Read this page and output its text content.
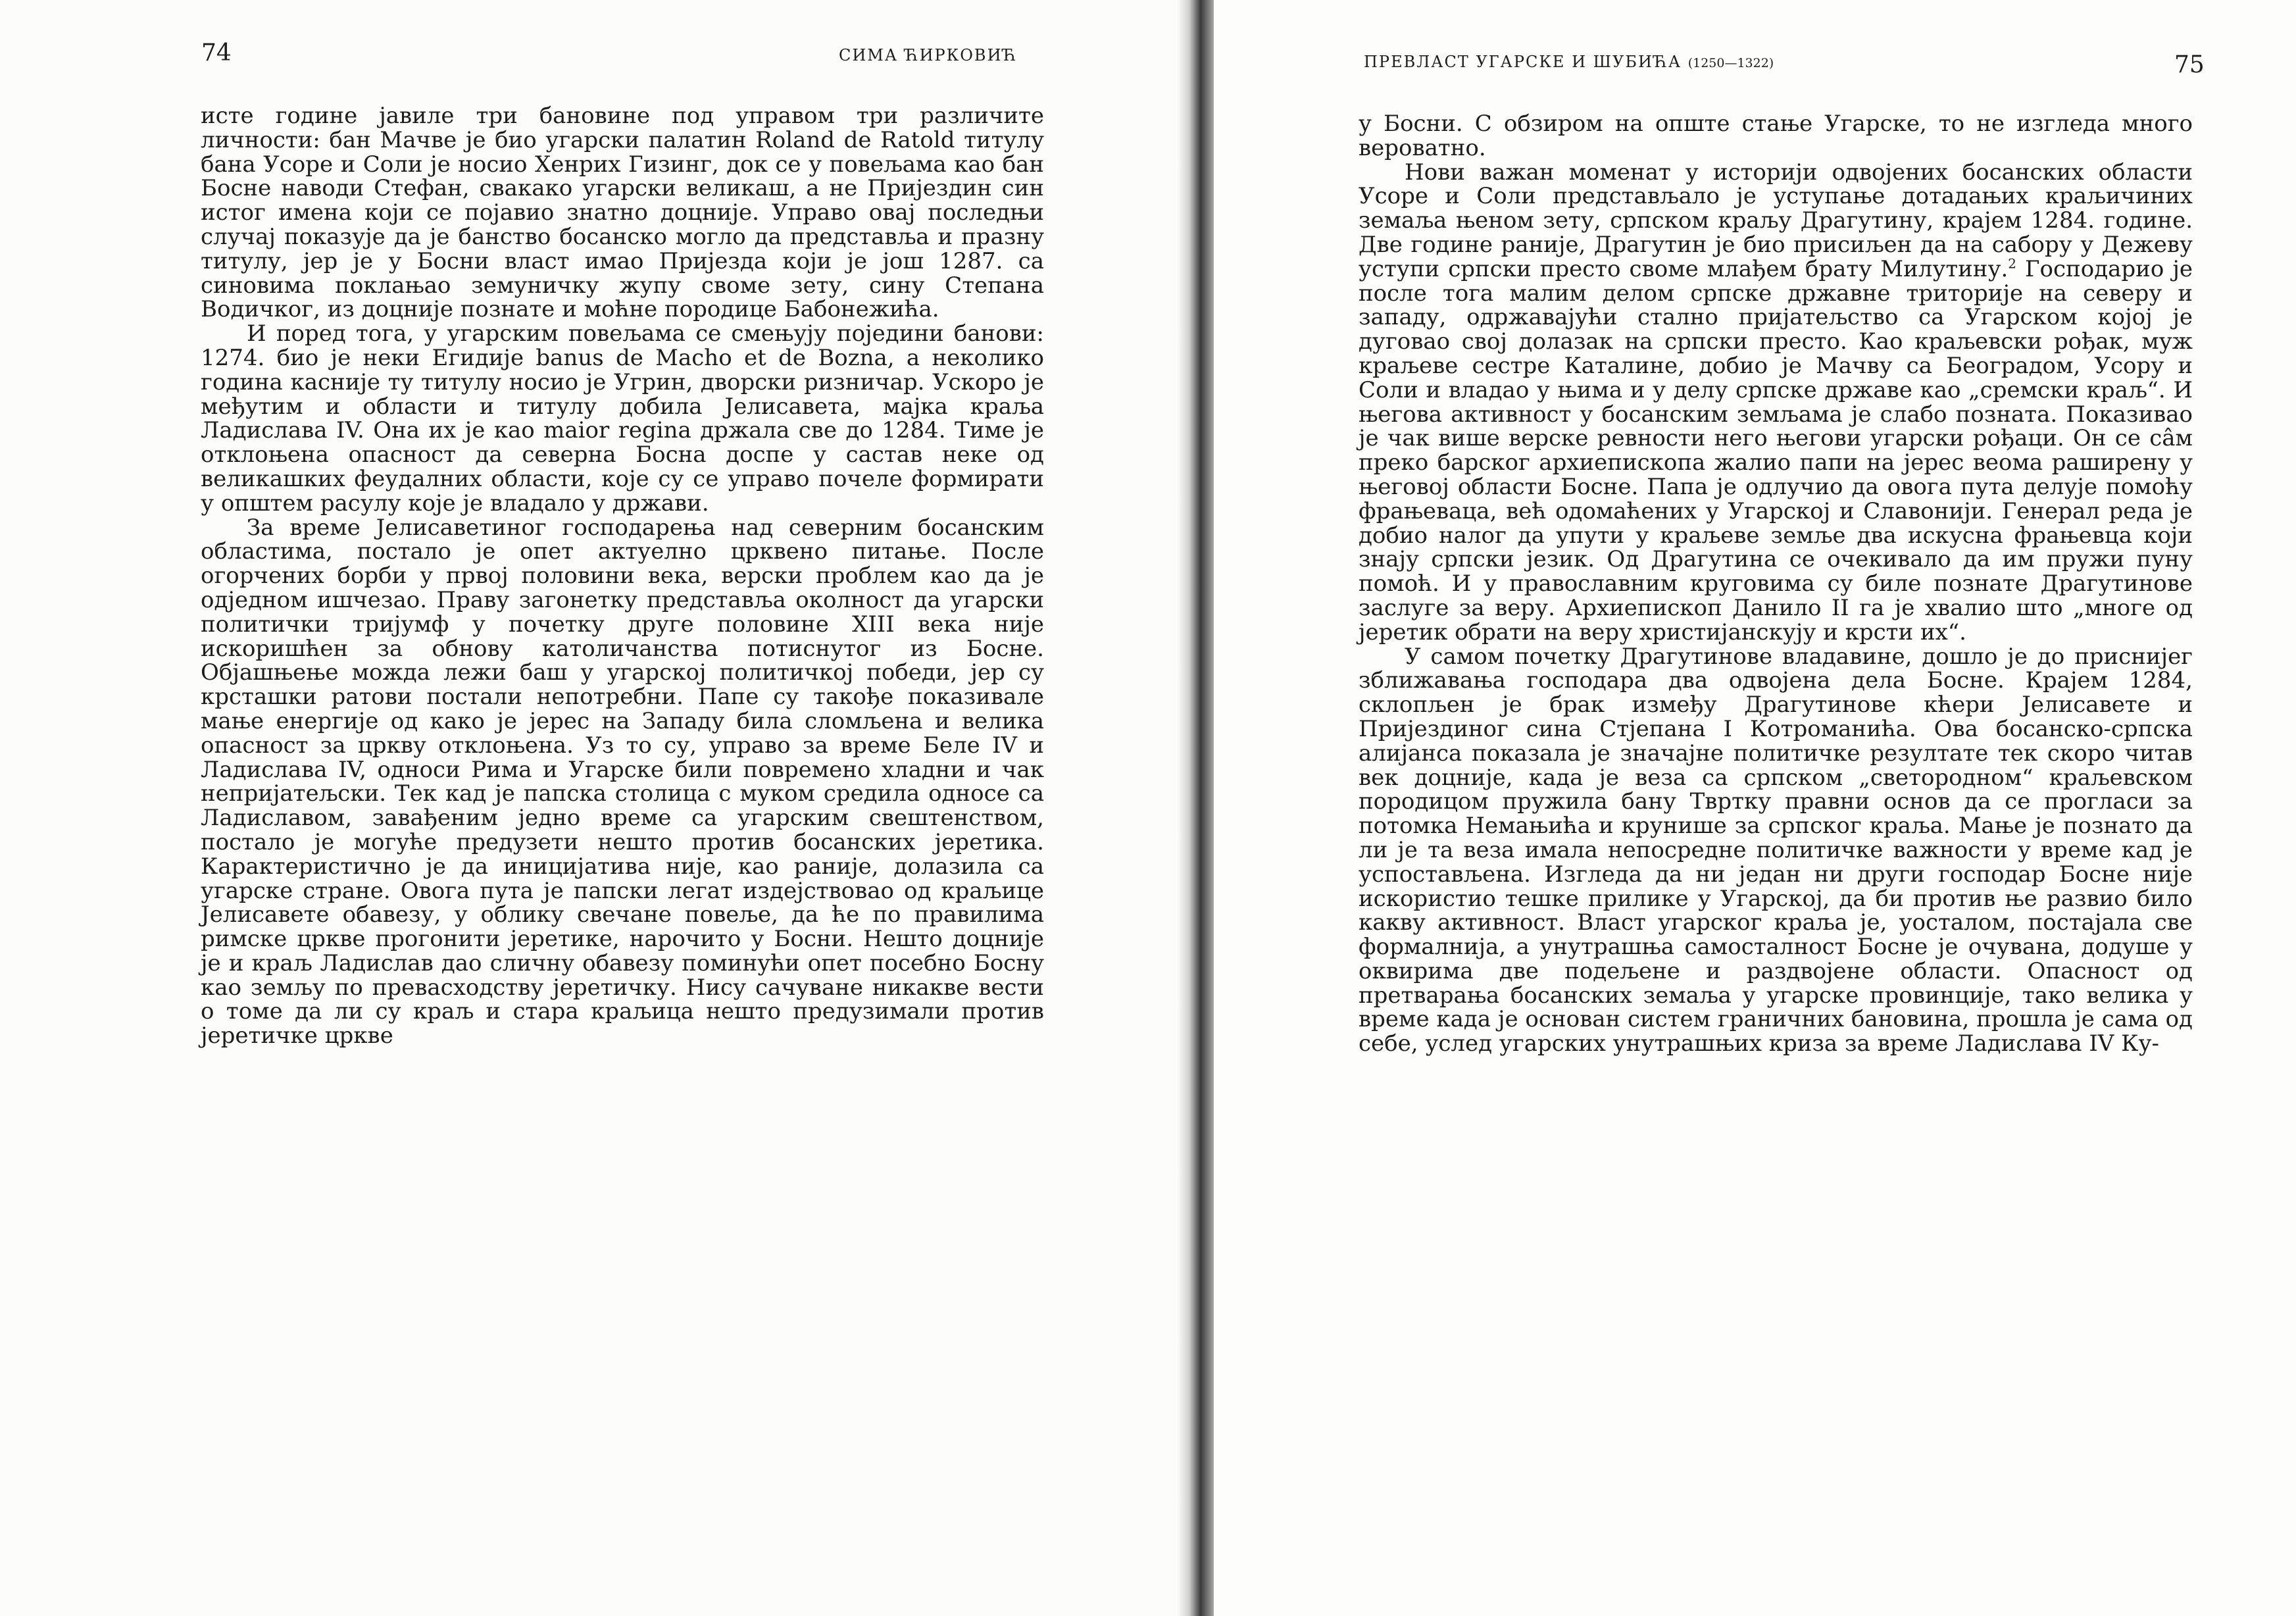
74	СИМА ЋИРКОВИЋ

исте године јавиле три бановине под управом три различите личности: бан Мачве је био угарски палатин Roland de Ratold титулу бана Усоре и Соли је носио Хенрих Гизинг, док се у повељама као бан Босне наводи Стефан, свакако угарски великаш, а не Пријездин син истог имена који се појавио знатно доцније. Управо овај последњи случај показује да је банство босанско могло да представља и празну титулу, јер је у Босни власт имао Пријезда који је још 1287. са синовима поклањао земуничку жупу своме зету, сину Степана Водичког, из доцније познате и моћне породице Бабонежића.

И поред тога, у угарским повељама се смењују поједини банови: 1274. био је неки Егидије banus de Macho et de Bozna, а неколико година касније ту титулу носио је Угрин, дворски ризничар. Ускоро је међутим и области и титулу добила Јелисавета, мајка краља Ладислава IV. Она их је као maior regina држала све до 1284. Тиме је отклоњена опасност да северна Босна доспе у састав неке од великашких феудалних области, које су се управо почеле формирати у општем расулу које је владало у држави.

За време Јелисаветиног господарења над северним босанским областима, постало је опет актуелно црквено питање. После огорчених борби у првој половини века, верски проблем као да је одједном ишчезао. Праву загонетку представља околност да угарски политички тријумф у почетку друге половине XIII века није искоришћен за обнову католичанства потиснутог из Босне. Објашњење можда лежи баш у угарској политичкој победи, јер су крсташки ратови постали непотребни. Папе су такође показивале мање енергије од како је јерес на Западу била сломљена и велика опасност за цркву отклоњена. Уз то су, управо за време Беле IV и Ладислава IV, односи Рима и Угарске били повремено хладни и чак непријатељски. Тек кад је папска столица с муком средила односе са Ладиславом, завађеним једно време са угарским свештенством, постало је могуће предузети нешто против босанских јеретика. Карактеристично је да иницијатива није, као раније, долазила са угарске стране. Овога пута је папски легат издејствовао од краљице Јелисавете обавезу, у облику свечане повеље, да ће по правилима римске цркве прогонити јеретике, нарочито у Босни. Нешто доцније је и краљ Ладислав дао сличну обавезу поминући опет посебно Босну као земљу по превасходству јеретичку. Нису сачуване никакве вести о томе да ли су краљ и стара краљица нешто предузимали против јеретичке цркве

ПРЕВЛАСТ УГАРСКЕ И ШУБИЋА (1250—1322)	75

у Босни. С обзиром на опште стање Угарске, то не изгледа много вероватно.

Нови важан моменат у историји одвојених босанских области Усоре и Соли представљало је уступање дотадањих краљичиних земаља њеном зету, српском краљу Драгутину, крајем 1284. године. Две године раније, Драгутин је био присиљен да на сабору у Дежеву уступи српски престо своме млађем брату Милутину.$^2$ Господарио је после тога малим делом српске државне триторије на северу и западу, одржавајући стално пријатељство са Угарском којој је дуговао свој долазак на српски престо. Као краљевски рођак, муж краљеве сестре Каталине, добио је Мачву са Београдом, Усору и Соли и владао у њима и у делу српске државе као „сремски краљ“. И његова активност у босанским земљама је слабо позната. Показивао је чак више верске ревности него његови угарски рођаци. Он се сâм преко барског архиепископа жалио папи на јерес веома раширену у његовој области Босне. Папа је одлучио да овога пута делује помоћу фрањеваца, већ одомаћених у Угарској и Славонији. Генерал реда је добио налог да упути у краљеве земље два искусна фрањевца који знају српски језик. Од Драгутина се очекивало да им пружи пуну помоћ. И у православним круговима су биле познате Драгутинове заслуге за веру. Архиепископ Данило II га је хвалио што „многе од јеретик обрати на веру христијанскују и крсти их“.

У самом почетку Драгутинове владавине, дошло је до приснијег зближавања господара два одвојена дела Босне. Крајем 1284, склопљен је брак између Драгутинове кћери Јелисавете и Пријездиног сина Стјепана I Котроманића. Ова босанско-српска алијанса показала је значајне политичке резултате тек скоро читав век доцније, када је веза са српском „светородном“ краљевском породицом пружила бану Твртку правни основ да се прогласи за потомка Немањића и крунише за српског краља. Мање је познато да ли је та веза имала непосредне политичке важности у време кад је успостављена. Изгледа да ни један ни други господар Босне није искористио тешке прилике у Угарској, да би против ње развио било какву активност. Власт угарског краља је, уосталом, постајала све формалнија, а унутрашња самосталност Босне је очувана, додуше у оквирима две подељене и раздвојене области. Опасност од претварања босанских земаља у угарске провинције, тако велика у време када је основан систем граничних бановина, прошла је сама од себе, услед угарских унутрашњих криза за време Ладислава IV Ку-
